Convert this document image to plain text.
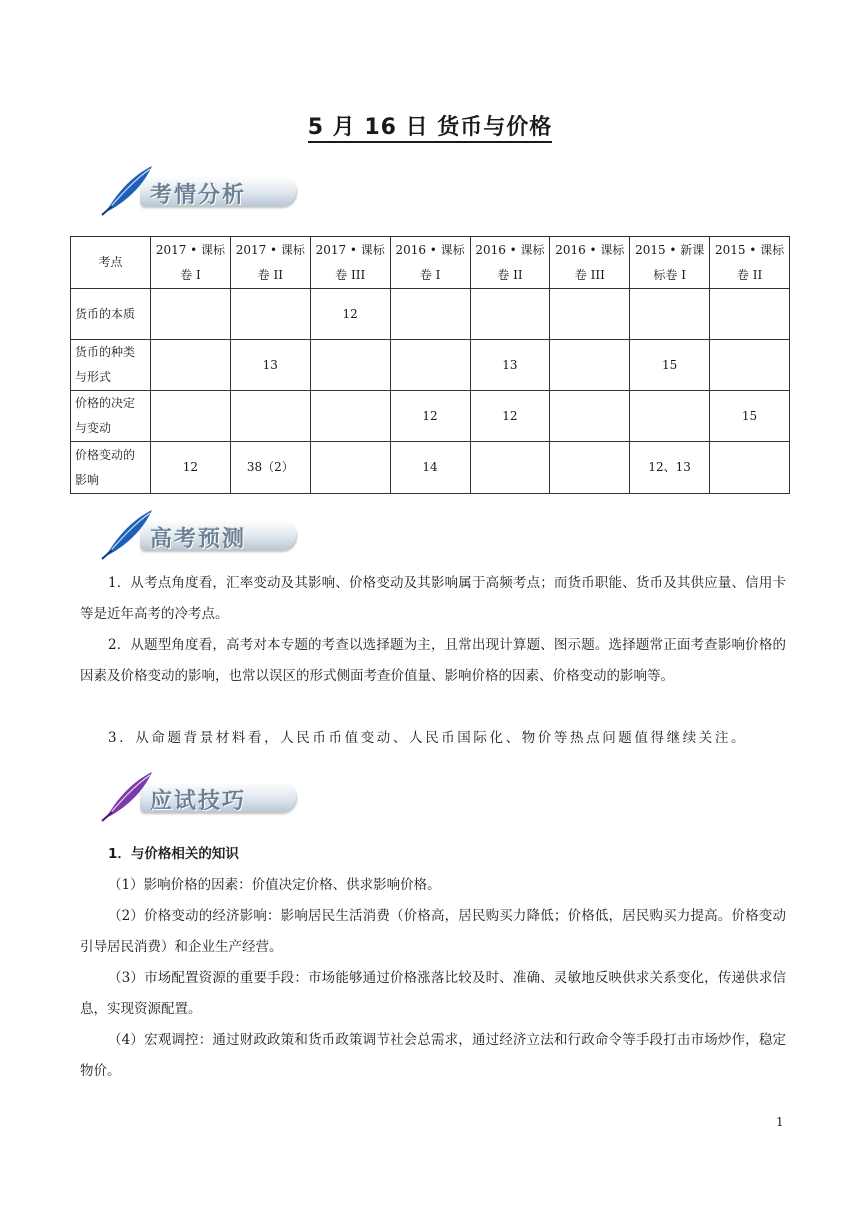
5 月 16 日 货币与价格
考情分析
考点	2017 • 课标卷 I	2017 • 课标卷 II	2017 • 课标卷 III	2016 • 课标卷 I	2016 • 课标卷 II	2016 • 课标卷 III	2015 • 新课标卷 I	2015 • 课标卷 II
货币的本质			12					
货币的种类与形式		13			13		15	
价格的决定与变动				12	12			15
价格变动的影响	12	38（2）		14			12、13	
高考预测
1．从考点角度看，汇率变动及其影响、价格变动及其影响属于高频考点；而货币职能、货币及其供应量、信用卡等是近年高考的冷考点。
2．从题型角度看，高考对本专题的考查以选择题为主，且常出现计算题、图示题。选择题常正面考查影响价格的因素及价格变动的影响，也常以误区的形式侧面考查价值量、影响价格的因素、价格变动的影响等。
3．从命题背景材料看，人民币币值变动、人民币国际化、物价等热点问题值得继续关注。
应试技巧
1．与价格相关的知识
（1）影响价格的因素：价值决定价格、供求影响价格。
（2）价格变动的经济影响：影响居民生活消费（价格高，居民购买力降低；价格低，居民购买力提高。价格变动引导居民消费）和企业生产经营。
（3）市场配置资源的重要手段：市场能够通过价格涨落比较及时、准确、灵敏地反映供求关系变化，传递供求信息，实现资源配置。
（4）宏观调控：通过财政政策和货币政策调节社会总需求，通过经济立法和行政命令等手段打击市场炒作，稳定物价。
1
